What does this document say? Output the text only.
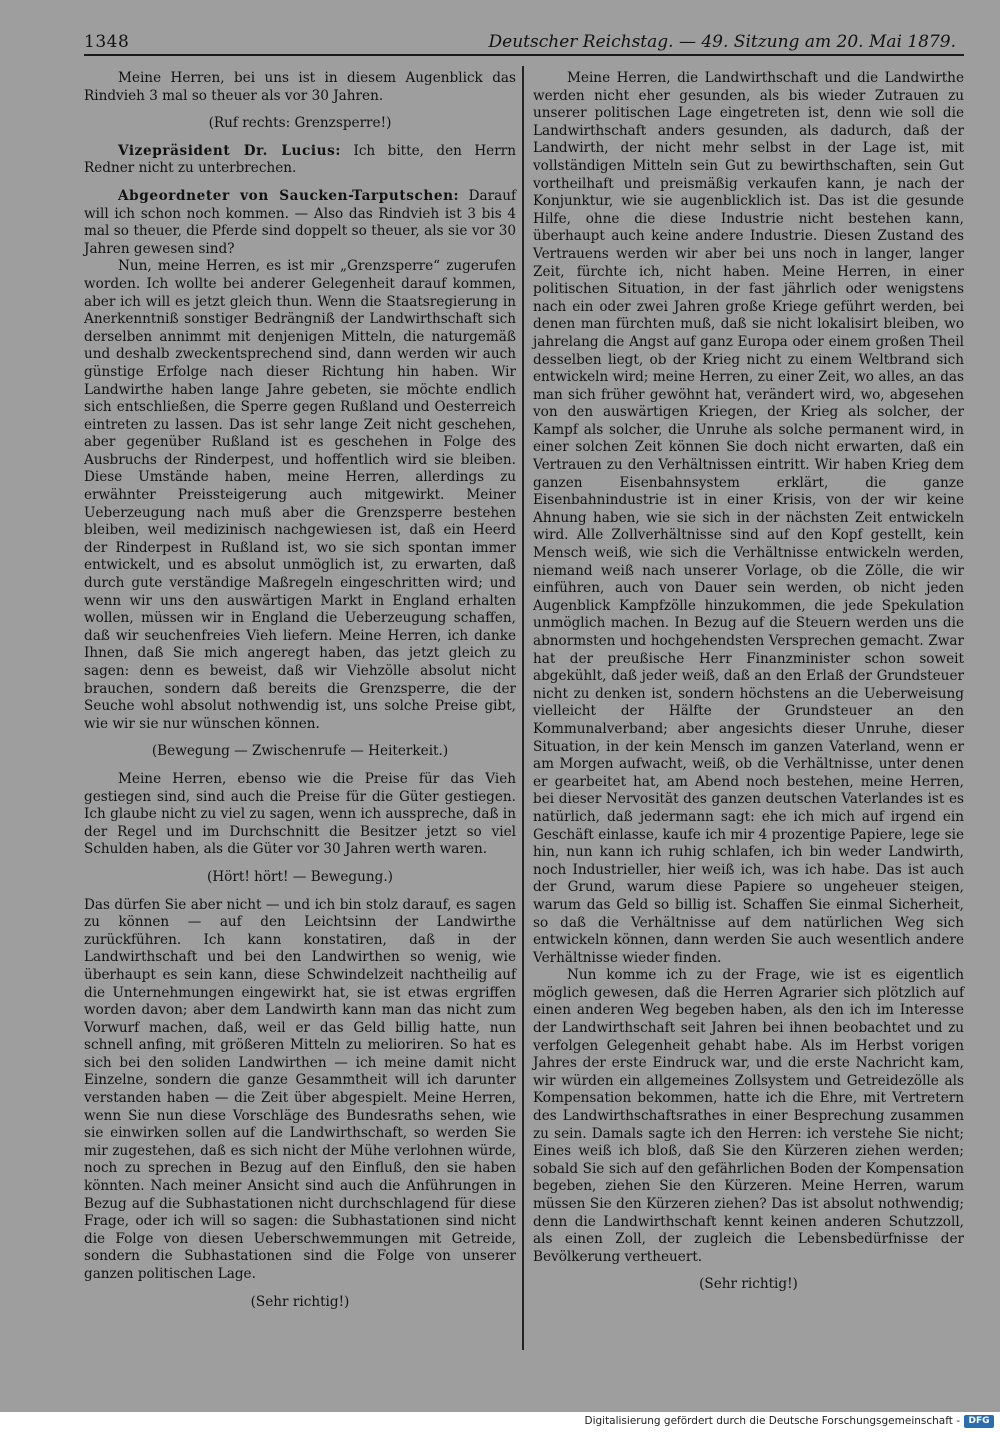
1348	Deutscher Reichstag. — 49. Sitzung am 20. Mai 1879.

Meine Herren, bei uns ist in diesem Augenblick das Rindvieh 3 mal so theuer als vor 30 Jahren.

(Ruf rechts: Grenzsperre!)

Vizepräsident Dr. Lucius: Ich bitte, den Herrn Redner nicht zu unterbrechen.

Abgeordneter von Saucken-Tarputschen: Darauf will ich schon noch kommen. — Also das Rindvieh ist 3 bis 4 mal so theuer, die Pferde sind doppelt so theuer, als sie vor 30 Jahren gewesen sind?

Nun, meine Herren, es ist mir „Grenzsperre“ zugerufen worden. Ich wollte bei anderer Gelegenheit darauf kommen, aber ich will es jetzt gleich thun. Wenn die Staatsregierung in Anerkenntniß sonstiger Bedrängniß der Landwirthschaft sich derselben annimmt mit denjenigen Mitteln, die naturgemäß und deshalb zweckentsprechend sind, dann werden wir auch günstige Erfolge nach dieser Richtung hin haben. Wir Landwirthe haben lange Jahre gebeten, sie möchte endlich sich entschließen, die Sperre gegen Rußland und Oesterreich eintreten zu lassen. Das ist sehr lange Zeit nicht geschehen, aber gegenüber Rußland ist es geschehen in Folge des Ausbruchs der Rinderpest, und hoffentlich wird sie bleiben. Diese Umstände haben, meine Herren, allerdings zu erwähnter Preissteigerung auch mitgewirkt. Meiner Ueberzeugung nach muß aber die Grenzsperre bestehen bleiben, weil medizinisch nachgewiesen ist, daß ein Heerd der Rinderpest in Rußland ist, wo sie sich spontan immer entwickelt, und es absolut unmöglich ist, zu erwarten, daß durch gute verständige Maßregeln eingeschritten wird; und wenn wir uns den auswärtigen Markt in England erhalten wollen, müssen wir in England die Ueberzeugung schaffen, daß wir seuchenfreies Vieh liefern. Meine Herren, ich danke Ihnen, daß Sie mich angeregt haben, das jetzt gleich zu sagen: denn es beweist, daß wir Viehzölle absolut nicht brauchen, sondern daß bereits die Grenzsperre, die der Seuche wohl absolut nothwendig ist, uns solche Preise gibt, wie wir sie nur wünschen können.

(Bewegung — Zwischenrufe — Heiterkeit.)

Meine Herren, ebenso wie die Preise für das Vieh gestiegen sind, sind auch die Preise für die Güter gestiegen. Ich glaube nicht zu viel zu sagen, wenn ich ausspreche, daß in der Regel und im Durchschnitt die Besitzer jetzt so viel Schulden haben, als die Güter vor 30 Jahren werth waren.

(Hört! hört! — Bewegung.)

Das dürfen Sie aber nicht — und ich bin stolz darauf, es sagen zu können — auf den Leichtsinn der Landwirthe zurückführen. Ich kann konstatiren, daß in der Landwirthschaft und bei den Landwirthen so wenig, wie überhaupt es sein kann, diese Schwindelzeit nachtheilig auf die Unternehmungen eingewirkt hat, sie ist etwas ergriffen worden davon; aber dem Landwirth kann man das nicht zum Vorwurf machen, daß, weil er das Geld billig hatte, nun schnell anfing, mit größeren Mitteln zu melioriren. So hat es sich bei den soliden Landwirthen — ich meine damit nicht Einzelne, sondern die ganze Gesammtheit will ich darunter verstanden haben — die Zeit über abgespielt. Meine Herren, wenn Sie nun diese Vorschläge des Bundesraths sehen, wie sie einwirken sollen auf die Landwirthschaft, so werden Sie mir zugestehen, daß es sich nicht der Mühe verlohnen würde, noch zu sprechen in Bezug auf den Einfluß, den sie haben könnten. Nach meiner Ansicht sind auch die Anführungen in Bezug auf die Subhastationen nicht durchschlagend für diese Frage, oder ich will so sagen: die Subhastationen sind nicht die Folge von diesen Ueberschwemmungen mit Getreide, sondern die Subhastationen sind die Folge von unserer ganzen politischen Lage.

(Sehr richtig!)

Meine Herren, die Landwirthschaft und die Landwirthe werden nicht eher gesunden, als bis wieder Zutrauen zu unserer politischen Lage eingetreten ist, denn wie soll die Landwirthschaft anders gesunden, als dadurch, daß der Landwirth, der nicht mehr selbst in der Lage ist, mit vollständigen Mitteln sein Gut zu bewirthschaften, sein Gut vortheilhaft und preismäßig verkaufen kann, je nach der Konjunktur, wie sie augenblicklich ist. Das ist die gesunde Hilfe, ohne die diese Industrie nicht bestehen kann, überhaupt auch keine andere Industrie. Diesen Zustand des Vertrauens werden wir aber bei uns noch in langer, langer Zeit, fürchte ich, nicht haben. Meine Herren, in einer politischen Situation, in der fast jährlich oder wenigstens nach ein oder zwei Jahren große Kriege geführt werden, bei denen man fürchten muß, daß sie nicht lokalisirt bleiben, wo jahrelang die Angst auf ganz Europa oder einem großen Theil desselben liegt, ob der Krieg nicht zu einem Weltbrand sich entwickeln wird; meine Herren, zu einer Zeit, wo alles, an das man sich früher gewöhnt hat, verändert wird, wo, abgesehen von den auswärtigen Kriegen, der Krieg als solcher, der Kampf als solcher, die Unruhe als solche permanent wird, in einer solchen Zeit können Sie doch nicht erwarten, daß ein Vertrauen zu den Verhältnissen eintritt. Wir haben Krieg dem ganzen Eisenbahnsystem erklärt, die ganze Eisenbahnindustrie ist in einer Krisis, von der wir keine Ahnung haben, wie sie sich in der nächsten Zeit entwickeln wird. Alle Zollverhältnisse sind auf den Kopf gestellt, kein Mensch weiß, wie sich die Verhältnisse entwickeln werden, niemand weiß nach unserer Vorlage, ob die Zölle, die wir einführen, auch von Dauer sein werden, ob nicht jeden Augenblick Kampfzölle hinzukommen, die jede Spekulation unmöglich machen. In Bezug auf die Steuern werden uns die abnormsten und hochgehendsten Versprechen gemacht. Zwar hat der preußische Herr Finanzminister schon soweit abgekühlt, daß jeder weiß, daß an den Erlaß der Grundsteuer nicht zu denken ist, sondern höchstens an die Ueberweisung vielleicht der Hälfte der Grundsteuer an den Kommunalverband; aber angesichts dieser Unruhe, dieser Situation, in der kein Mensch im ganzen Vaterland, wenn er am Morgen aufwacht, weiß, ob die Verhältnisse, unter denen er gearbeitet hat, am Abend noch bestehen, meine Herren, bei dieser Nervosität des ganzen deutschen Vaterlandes ist es natürlich, daß jedermann sagt: ehe ich mich auf irgend ein Geschäft einlasse, kaufe ich mir 4 prozentige Papiere, lege sie hin, nun kann ich ruhig schlafen, ich bin weder Landwirth, noch Industrieller, hier weiß ich, was ich habe. Das ist auch der Grund, warum diese Papiere so ungeheuer steigen, warum das Geld so billig ist. Schaffen Sie einmal Sicherheit, so daß die Verhältnisse auf dem natürlichen Weg sich entwickeln können, dann werden Sie auch wesentlich andere Verhältnisse wieder finden.

Nun komme ich zu der Frage, wie ist es eigentlich möglich gewesen, daß die Herren Agrarier sich plötzlich auf einen anderen Weg begeben haben, als den ich im Interesse der Landwirthschaft seit Jahren bei ihnen beobachtet und zu verfolgen Gelegenheit gehabt habe. Als im Herbst vorigen Jahres der erste Eindruck war, und die erste Nachricht kam, wir würden ein allgemeines Zollsystem und Getreidezölle als Kompensation bekommen, hatte ich die Ehre, mit Vertretern des Landwirthschaftsrathes in einer Besprechung zusammen zu sein. Damals sagte ich den Herren: ich verstehe Sie nicht; Eines weiß ich bloß, daß Sie den Kürzeren ziehen werden; sobald Sie sich auf den gefährlichen Boden der Kompensation begeben, ziehen Sie den Kürzeren. Meine Herren, warum müssen Sie den Kürzeren ziehen? Das ist absolut nothwendig; denn die Landwirthschaft kennt keinen anderen Schutzzoll, als einen Zoll, der zugleich die Lebensbedürfnisse der Bevölkerung vertheuert.

(Sehr richtig!)

Digitalisierung gefördert durch die Deutsche Forschungsgemeinschaft - DFG
